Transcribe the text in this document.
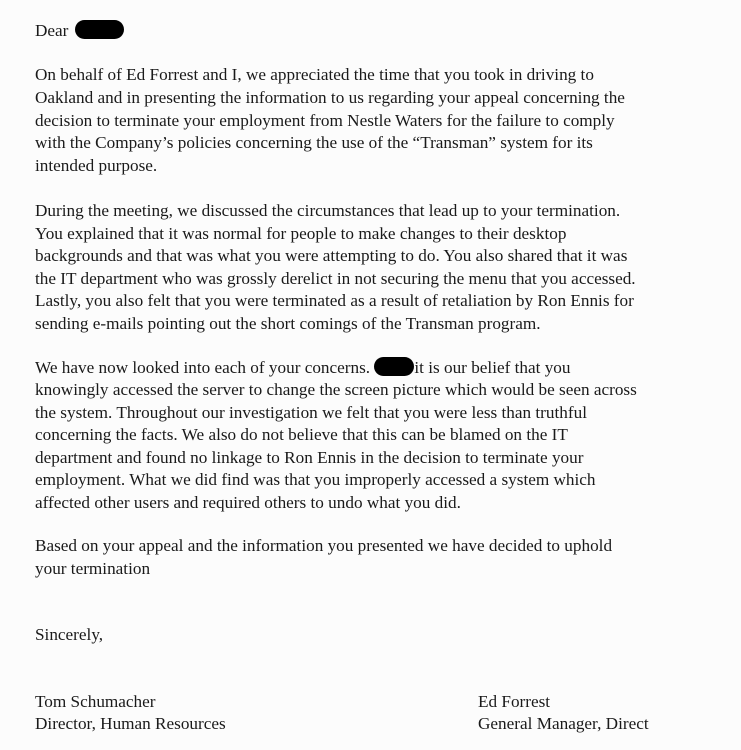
Dear
On behalf of Ed Forrest and I, we appreciated the time that you took in driving to
Oakland and in presenting the information to us regarding your appeal concerning the
decision to terminate your employment from Nestle Waters for the failure to comply
with the Company’s policies concerning the use of the “Transman” system for its
intended purpose.
During the meeting, we discussed the circumstances that lead up to your termination.
You explained that it was normal for people to make changes to their desktop
backgrounds and that was what you were attempting to do. You also shared that it was
the IT department who was grossly derelict in not securing the menu that you accessed.
Lastly, you also felt that you were terminated as a result of retaliation by Ron Ennis for
sending e-mails pointing out the short comings of the Transman program.
We have now looked into each of your concerns.	it is our belief that you
knowingly accessed the server to change the screen picture which would be seen across
the system. Throughout our investigation we felt that you were less than truthful
concerning the facts. We also do not believe that this can be blamed on the IT
department and found no linkage to Ron Ennis in the decision to terminate your
employment. What we did find was that you improperly accessed a system which
affected other users and required others to undo what you did.
Based on your appeal and the information you presented we have decided to uphold
your termination
Sincerely,
Tom Schumacher
Director, Human Resources
Ed Forrest
General Manager, Direct
